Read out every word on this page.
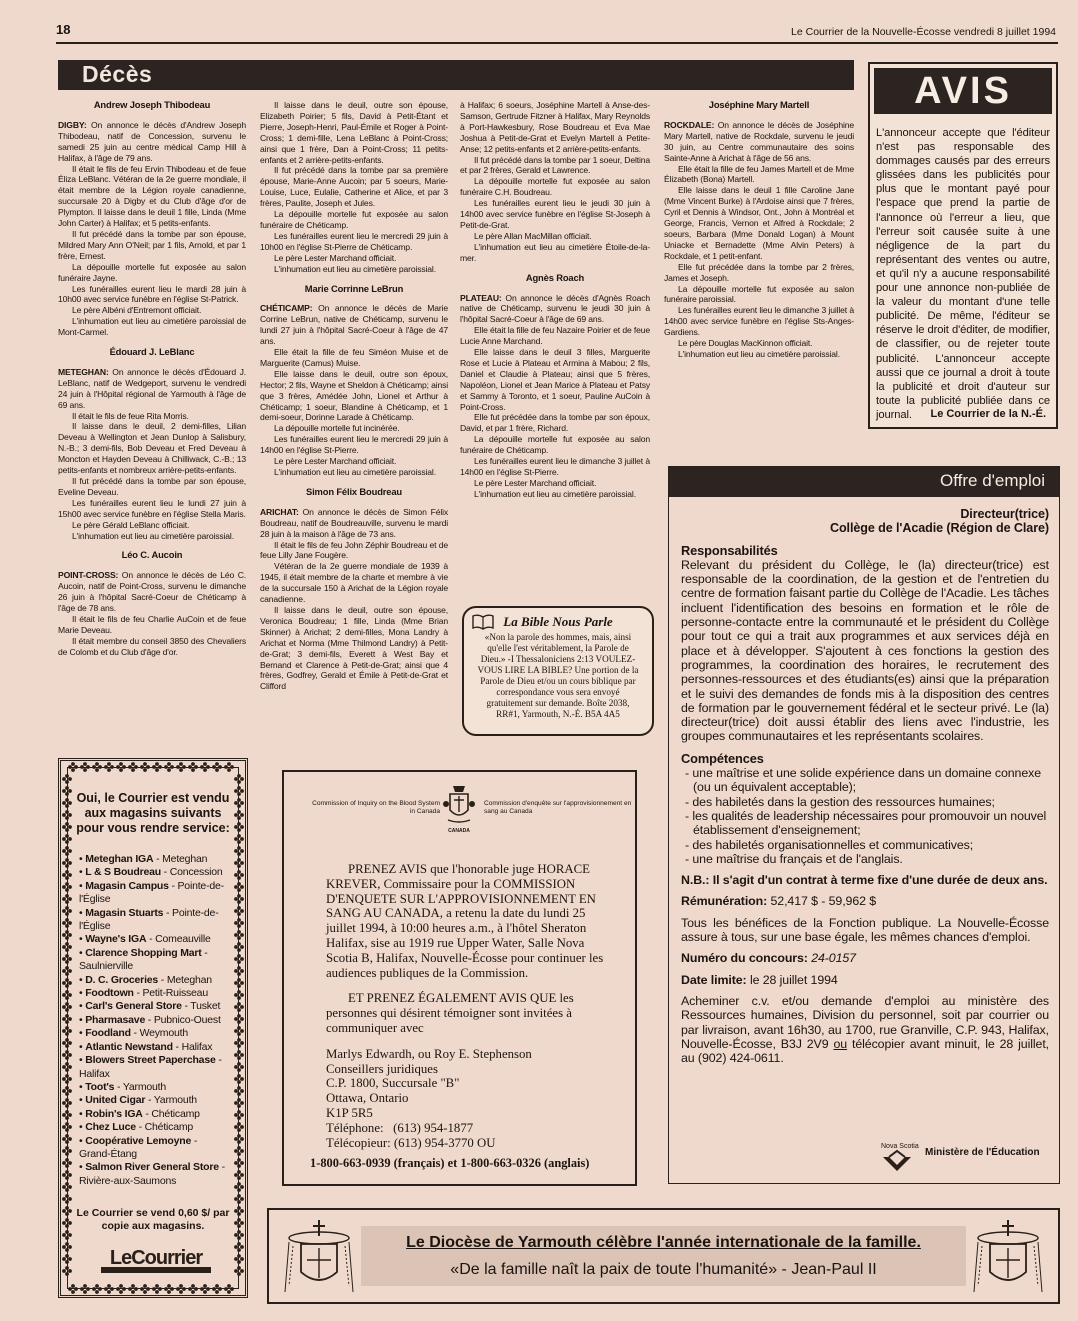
18	Le Courrier de la Nouvelle-Écosse vendredi 8 juillet 1994
Décès
Andrew Joseph Thibodeau

DIGBY: On annonce le décès d'Andrew Joseph Thibodeau, natif de Concession, survenu le samedi 25 juin au centre médical Camp Hill à Halifax, à l'âge de 79 ans.

Il était le fils de feu Ervin Thibodeau et de feue Éliza LeBlanc. Vétéran de la 2e guerre mondiale, il était membre de la Légion royale canadienne, succursale 20 à Digby et du Club d'âge d'or de Plympton. Il laisse dans le deuil 1 fille, Linda (Mme John Carter) à Halifax; et 5 petits-enfants.

Il fut précédé dans la tombe par son épouse, Mildred Mary Ann O'Neil; par 1 fils, Arnold, et par 1 frère, Ernest.

La dépouille mortelle fut exposée au salon funéraire Jayne.

Les funérailles eurent lieu le mardi 28 juin à 10h00 avec service funèbre en l'église St-Patrick.

Le père Albéni d'Entremont officiait.

L'inhumation eut lieu au cimetière paroissial de Mont-Carmel.

Édouard J. LeBlanc

METEGHAN: On annonce le décès d'Édouard J. LeBlanc, natif de Wedgeport, survenu le vendredi 24 juin à l'Hôpital régional de Yarmouth à l'âge de 69 ans.

Il était le fils de feue Rita Morris.

Il laisse dans le deuil, 2 demi-filles, Lilian Deveau à Wellington et Jean Dunlop à Salisbury, N.-B.; 3 demi-fils, Bob Deveau et Fred Deveau à Moncton et Hayden Deveau à Chilliwack, C.-B.; 13 petits-enfants et nombreux arrière-petits-enfants.

Il fut précédé dans la tombe par son épouse, Eveline Deveau.

Les funérailles eurent lieu le lundi 27 juin à 15h00 avec service funèbre en l'église Stella Maris.

Le père Gérald LeBlanc officiait.

L'inhumation eut lieu au cimetière paroissial.

Léo C. Aucoin

POINT-CROSS: On annonce le décès de Léo C. Aucoin, natif de Point-Cross, survenu le dimanche 26 juin à l'hôpital Sacré-Coeur de Chéticamp à l'âge de 78 ans.

Il était le fils de feu Charlie AuCoin et de feue Marie Deveau.

Il était membre du conseil 3850 des Chevaliers de Colomb et du Club d'âge d'or.

Il laisse dans le deuil, outre son épouse, Elizabeth Poirier; 5 fils, David à Petit-Étant et Pierre, Joseph-Henri, Paul-Émile et Roger à Point-Cross; 1 demi-fille, Lena LeBlanc à Point-Cross; ainsi que 1 frère, Dan à Point-Cross; 11 petits-enfants et 2 arrière-petits-enfants.

Il fut précédé dans la tombe par sa première épouse, Marie-Anne Aucoin; par 5 soeurs, Marie-Louise, Luce, Eulalie, Catherine et Alice, et par 3 frères, Paulite, Joseph et Jules.

La dépouille mortelle fut exposée au salon funéraire de Chéticamp.

Les funérailles eurent lieu le mercredi 29 juin à 10h00 en l'église St-Pierre de Chéticamp.

Le père Lester Marchand officiait.

L'inhumation eut lieu au cimetière paroissial.

Marie Corrinne LeBrun

CHÉTICAMP: On annonce le décès de Marie Corrine LeBrun, native de Chéticamp, survenu le lundi 27 juin à l'hôpital Sacré-Coeur à l'âge de 47 ans.

Elle était la fille de feu Siméon Muise et de Marguerite (Camus) Muise.

Elle laisse dans le deuil, outre son époux, Hector; 2 fils, Wayne et Sheldon à Chéticamp; ainsi que 3 frères, Amédée John, Lionel et Arthur à Chéticamp; 1 soeur, Blandine à Chéticamp, et 1 demi-soeur, Dorinne Larade à Chéticamp.

La dépouille mortelle fut incinérée.

Les funérailles eurent lieu le mercredi 29 juin à 14h00 en l'église St-Pierre.

Le père Lester Marchand officiait.

L'inhumation eut lieu au cimetière paroissial.

Simon Félix Boudreau

ARICHAT: On annonce le décès de Simon Félix Boudreau, natif de Boudreauville, survenu le mardi 28 juin à la maison à l'âge de 73 ans.

Il était le fils de feu John Zéphir Boudreau et de feue Lilly Jane Fougère.

Vétéran de la 2e guerre mondiale de 1939 à 1945, il était membre de la charte et membre à vie de la succursale 150 à Arichat de la Légion royale canadienne.

Il laisse dans le deuil, outre son épouse, Veronica Boudreau; 1 fille, Linda (Mme Brian Skinner) à Arichat; 2 demi-filles, Mona Landry à Arichat et Norma (Mme Thilmond Landry) à Petit-de-Grat; 3 demi-fils, Everett à West Bay et Bernand et Clarence à Petit-de-Grat; ainsi que 4 frères, Godfrey, Gerald et Émile à Petit-de-Grat et Clifford

à Halifax; 6 soeurs, Joséphine Martell à Anse-des-Samson, Gertrude Fitzner à Halifax, Mary Reynolds à Port-Hawkesbury, Rose Boudreau et Eva Mae Joshua à Petit-de-Grat et Evelyn Martell à Petite-Anse; 12 petits-enfants et 2 arrière-petits-enfants.

Il fut précédé dans la tombe par 1 soeur, Deltina et par 2 frères, Gerald et Lawrence.

La dépouille mortelle fut exposée au salon funéraire C.H. Boudreau.

Les funérailles eurent lieu le jeudi 30 juin à 14h00 avec service funèbre en l'église St-Joseph à Petit-de-Grat.

Le père Allan MacMillan officiait.

L'inhumation eut lieu au cimetière Étoile-de-la-mer.

Agnès Roach

PLATEAU: On annonce le décès d'Agnès Roach native de Chéticamp, survenu le jeudi 30 juin à l'hôpital Sacré-Coeur à l'âge de 69 ans.

Elle était la fille de feu Nazaire Poirier et de feue Lucie Anne Marchand.

Elle laisse dans le deuil 3 filles, Marguerite Rose et Lucie à Plateau et Armina à Mabou; 2 fils, Daniel et Claudie à Plateau; ainsi que 5 frères, Napoléon, Lionel et Jean Marice à Plateau et Patsy et Sammy à Toronto, et 1 soeur, Pauline AuCoin à Point-Cross.

Elle fut précédée dans la tombe par son époux, David, et par 1 frère, Richard.

La dépouille mortelle fut exposée au salon funéraire de Chéticamp.

Les funérailles eurent lieu le dimanche 3 juillet à 14h00 en l'église St-Pierre.

Le père Lester Marchand officiait.

L'inhumation eut lieu au cimetière paroissial.

Joséphine Mary Martell

ROCKDALE: On annonce le décès de Joséphine Mary Martell, native de Rockdale, survenu le jeudi 30 juin, au Centre communautaire des soins Sainte-Anne à Arichat à l'âge de 56 ans.

Elle était la fille de feu James Martell et de Mme Élizabeth (Bona) Martell.

Elle laisse dans le deuil 1 fille Caroline Jane (Mme Vincent Burke) à l'Ardoise ainsi que 7 frères, Cyril et Dennis à Windsor, Ont., John à Montréal et George, Francis, Vernon et Alfred à Rockdale; 2 soeurs, Barbara (Mme Donald Logan) à Mount Uniacke et Bernadette (Mme Alvin Peters) à Rockdale, et 1 petit-enfant.

Elle fut précédée dans la tombe par 2 frères, James et Joseph.

La dépouille mortelle fut exposée au salon funéraire paroissial.

Les funérailles eurent lieu le dimanche 3 juillet à 14h00 avec service funèbre en l'église Sts-Anges-Gardiens.

Le père Douglas MacKinnon officiait.

L'inhumation eut lieu au cimetière paroissial.

AVIS
L'annonceur accepte que l'éditeur n'est pas responsable des dommages causés par des erreurs glissées dans les publicités pour plus que le montant payé pour l'espace que prend la partie de l'annonce où l'erreur a lieu, que l'erreur soit causée suite à une négligence de la part du représentant des ventes ou autre, et qu'il n'y a aucune responsabilité pour une annonce non-publiée de la valeur du montant d'une telle publicité. De même, l'éditeur se réserve le droit d'éditer, de modifier, de classifier, ou de rejeter toute publicité. L'annonceur accepte aussi que ce journal a droit à toute la publicité et droit d'auteur sur toute la publicité publiée dans ce journal.	Le Courrier de la N.-É.
Offre d'emploi
Directeur(trice)
Collège de l'Acadie (Région de Clare)
Responsabilités
Relevant du président du Collège, le (la) directeur(trice) est responsable de la coordination, de la gestion et de l'entretien du centre de formation faisant partie du Collège de l'Acadie. Les tâches incluent l'identification des besoins en formation et le rôle de personne-contacte entre la communauté et le président du Collège pour tout ce qui a trait aux programmes et aux services déjà en place et à développer. S'ajoutent à ces fonctions la gestion des programmes, la coordination des horaires, le recrutement des personnes-ressources et des étudiants(es) ainsi que la préparation et le suivi des demandes de fonds mis à la disposition des centres de formation par le gouvernement fédéral et le secteur privé. Le (la) directeur(trice) doit aussi établir des liens avec l'industrie, les groupes communautaires et les représentants scolaires.
Compétences
- une maîtrise et une solide expérience dans un domaine connexe (ou un équivalent acceptable);
- des habiletés dans la gestion des ressources humaines;
- les qualités de leadership nécessaires pour promouvoir un nouvel établissement d'enseignement;
- des habiletés organisationnelles et communicatives;
- une maîtrise du français et de l'anglais.
N.B.: Il s'agit d'un contrat à terme fixe d'une durée de deux ans.
Rémunération: 52,417 $ - 59,962 $
Tous les bénéfices de la Fonction publique. La Nouvelle-Écosse assure à tous, sur une base égale, les mêmes chances d'emploi.
Numéro du concours: 24-0157
Date limite: le 28 juillet 1994
Acheminer c.v. et/ou demande d'emploi au ministère des Ressources humaines, Division du personnel, soit par courrier ou par livraison, avant 16h30, au 1700, rue Granville, C.P. 943, Halifax, Nouvelle-Écosse, B3J 2V9 ou télécopier avant minuit, le 28 juillet, au (902) 424-0611.
Nova Scotia
Ministère de l'Éducation
Oui, le Courrier est vendu aux magasins suivants pour vous rendre service:
• Meteghan IGA - Meteghan
• L & S Boudreau - Concession
• Magasin Campus - Pointe-de-l'Église
• Magasin Stuarts - Pointe-de-l'Église
• Wayne's IGA - Comeauville
• Clarence Shopping Mart - Saulnierville
• D. C. Groceries - Meteghan
• Foodtown - Petit-Ruisseau
• Carl's General Store - Tusket
• Pharmasave - Pubnico-Ouest
• Foodland - Weymouth
• Atlantic Newstand - Halifax
• Blowers Street Paperchase - Halifax
• Toot's - Yarmouth
• United Cigar - Yarmouth
• Robin's IGA - Chéticamp
• Chez Luce - Chéticamp
• Coopérative Lemoyne - Grand-Étang
• Salmon River General Store - Rivière-aux-Saumons
Le Courrier se vend 0,60 $/ par copie aux magasins.
LeCourrier
La Bible Nous Parle
«Non la parole des hommes, mais, ainsi qu'elle l'est véritablement, la Parole de Dieu.» -I Thessaloniciens 2:13 VOULEZ-VOUS LIRE LA BIBLE? Une portion de la Parole de Dieu et/ou un cours biblique par correspondance vous sera envoyé gratuitement sur demande. Boîte 2038, RR#1, Yarmouth, N.-É. B5A 4A5
Commission of Inquiry on the Blood System in Canada
CANADA
Commission d'enquête sur l'approvisionnement en sang au Canada

PRENEZ AVIS que l'honorable juge HORACE KREVER, Commissaire pour la COMMISSION D'ENQUETE SUR L'APPROVISIONNEMENT EN SANG AU CANADA, a retenu la date du lundi 25 juillet 1994, à 10:00 heures a.m., à l'hôtel Sheraton Halifax, sise au 1919 rue Upper Water, Salle Nova Scotia B, Halifax, Nouvelle-Écosse pour continuer les audiences publiques de la Commission.

ET PRENEZ ÉGALEMENT AVIS QUE les personnes qui désirent témoigner sont invitées à communiquer avec

Marlys Edwardh, ou Roy E. Stephenson
Conseillers juridiques
C.P. 1800, Succursale "B"
Ottawa, Ontario
K1P 5R5
Téléphone:   (613) 954-1877
Télécopieur: (613) 954-3770 OU
1-800-663-0939 (français) et 1-800-663-0326 (anglais)
Le Diocèse de Yarmouth célèbre l'année internationale de la famille.
«De la famille naît la paix de toute l'humanité» - Jean-Paul II
